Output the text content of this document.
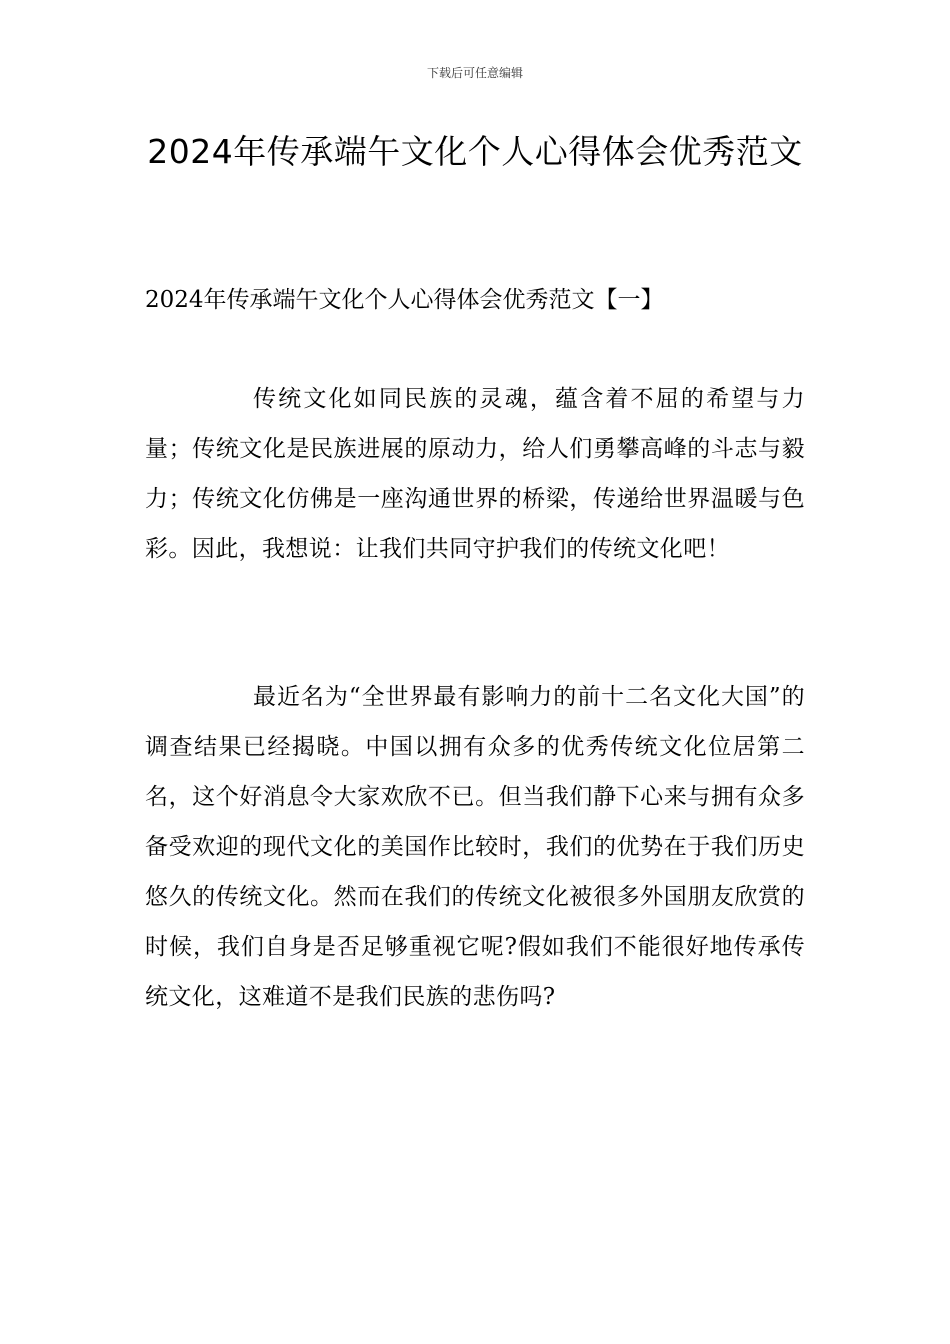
下载后可任意编辑
2024年传承端午文化个人心得体会优秀范文
2024年传承端午文化个人心得体会优秀范文【一】

传统文化如同民族的灵魂，蕴含着不屈的希望与力量；传统文化是民族进展的原动力，给人们勇攀高峰的斗志与毅力；传统文化仿佛是一座沟通世界的桥梁，传递给世界温暖与色彩。因此，我想说：让我们共同守护我们的传统文化吧！

最近名为“全世界最有影响力的前十二名文化大国”的调查结果已经揭晓。中国以拥有众多的优秀传统文化位居第二名，这个好消息令大家欢欣不已。但当我们静下心来与拥有众多备受欢迎的现代文化的美国作比较时，我们的优势在于我们历史悠久的传统文化。然而在我们的传统文化被很多外国朋友欣赏的时候，我们自身是否足够重视它呢?假如我们不能很好地传承传统文化，这难道不是我们民族的悲伤吗?
